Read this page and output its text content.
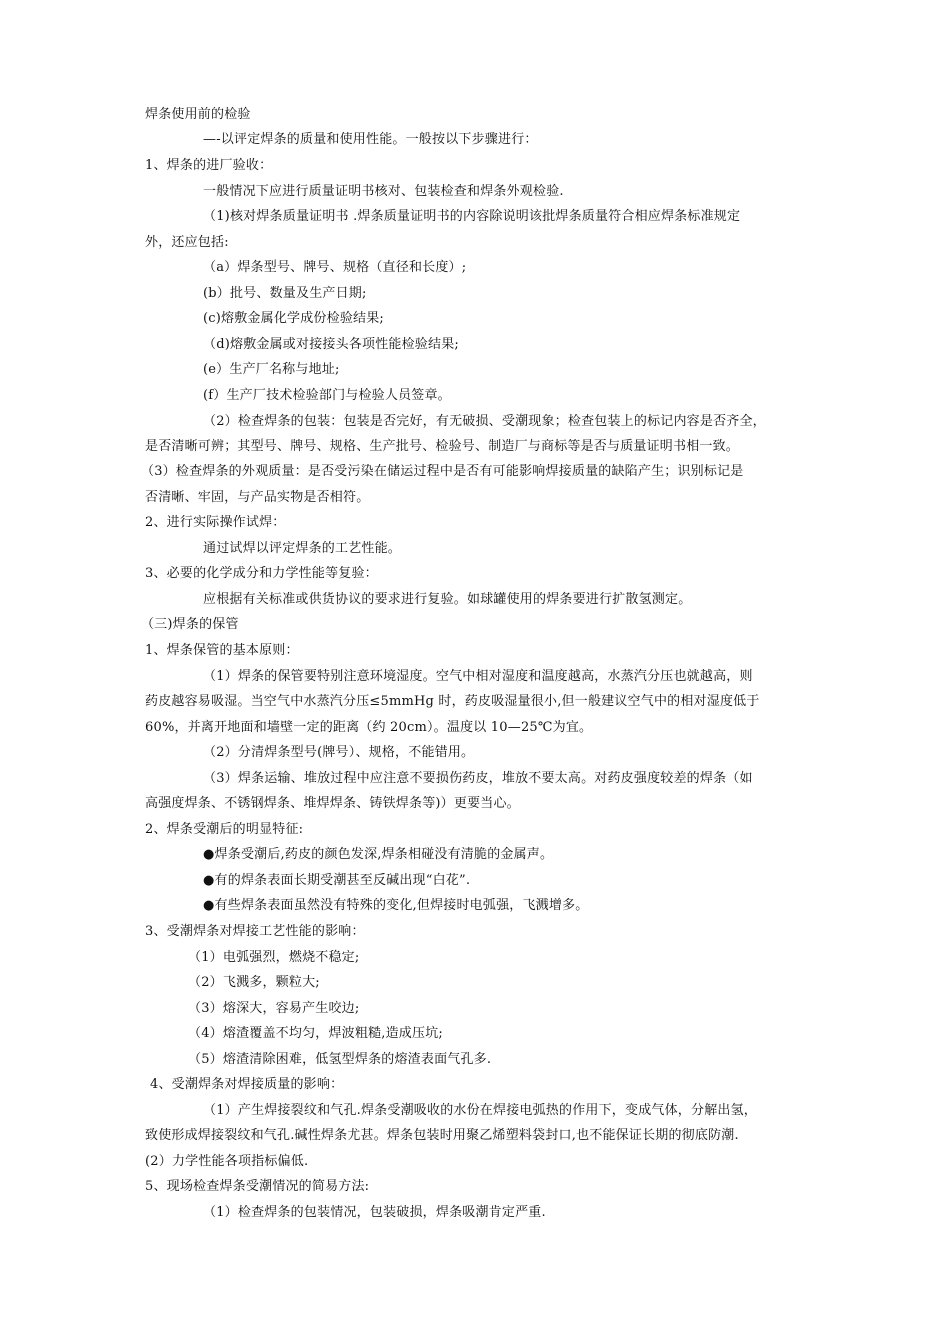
焊条使用前的检验
—-以评定焊条的质量和使用性能。一般按以下步骤进行：
1、焊条的进厂验收：
一般情况下应进行质量证明书核对、包装检查和焊条外观检验.
（1)核对焊条质量证明书 .焊条质量证明书的内容除说明该批焊条质量符合相应焊条标准规定
外，还应包括:
（a）焊条型号、牌号、规格（直径和长度）;
(b）批号、数量及生产日期;
(c)熔敷金属化学成份检验结果;
（d)熔敷金属或对接接头各项性能检验结果;
(e）生产厂名称与地址;
(f）生产厂技术检验部门与检验人员签章。
（2）检查焊条的包装：包装是否完好，有无破损、受潮现象；检查包装上的标记内容是否齐全，
是否清晰可辨；其型号、牌号、规格、生产批号、检验号、制造厂与商标等是否与质量证明书相一致。
（3）检查焊条的外观质量：是否受污染在储运过程中是否有可能影响焊接质量的缺陷产生；识别标记是
否清晰、牢固，与产品实物是否相符。
2、进行实际操作试焊：
通过试焊以评定焊条的工艺性能。
3、必要的化学成分和力学性能等复验：
应根据有关标准或供货协议的要求进行复验。如球罐使用的焊条要进行扩散氢测定。
（三)焊条的保管
1、焊条保管的基本原则：
（1）焊条的保管要特别注意环境湿度。空气中相对湿度和温度越高，水蒸汽分压也就越高，则
药皮越容易吸湿。当空气中水蒸汽分压≤5mmHg 时，药皮吸湿量很小,但一般建议空气中的相对湿度低于
60%，并离开地面和墙壁一定的距离（约 20cm）。温度以 10—25℃为宜。
（2）分清焊条型号(牌号）、规格，不能错用。
（3）焊条运输、堆放过程中应注意不要损伤药皮，堆放不要太高。对药皮强度较差的焊条（如
高强度焊条、不锈钢焊条、堆焊焊条、铸铁焊条等)）更要当心。
2、焊条受潮后的明显特征:
●焊条受潮后,药皮的颜色发深,焊条相碰没有清脆的金属声。
●有的焊条表面长期受潮甚至反碱出现“白花”.
●有些焊条表面虽然没有特殊的变化,但焊接时电弧强，飞溅增多。
3、受潮焊条对焊接工艺性能的影响：
（1）电弧强烈，燃烧不稳定;
（2）飞溅多，颗粒大;
（3）熔深大，容易产生咬边;
（4）熔渣覆盖不均匀，焊波粗糙,造成压坑;
（5）熔渣清除困难，低氢型焊条的熔渣表面气孔多.
4、受潮焊条对焊接质量的影响：
（1）产生焊接裂纹和气孔.焊条受潮吸收的水份在焊接电弧热的作用下，变成气体，分解出氢，
致使形成焊接裂纹和气孔.碱性焊条尤甚。焊条包装时用聚乙烯塑料袋封口,也不能保证长期的彻底防潮.
(2）力学性能各项指标偏低.
5、现场检查焊条受潮情况的简易方法:
（1）检查焊条的包装情况，包装破损，焊条吸潮肯定严重.
